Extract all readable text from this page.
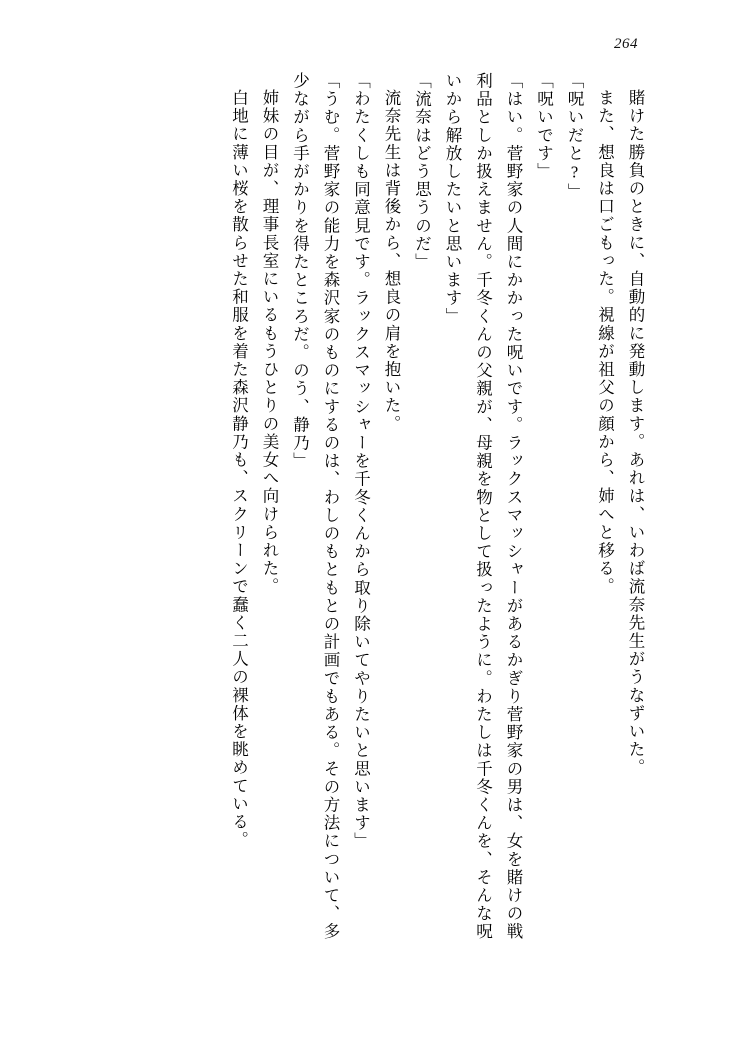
264

賭けた勝負のときに、自動的に発動します。あれは、いわば流奈先生がうなずいた。

また、想良は口ごもった。視線が祖父の顔から、姉へと移る。

「呪いだと?」

「呪いです」

「はい。菅野家の人間にかかった呪いです。ラックスマッシャーがあるかぎり菅野家の男は、女を賭けの戦利品としか扱えません。千冬くんの父親が、母親を物として扱ったように。わたしは千冬くんを、そんな呪いから解放したいと思います」

「流奈はどう思うのだ」

流奈先生は背後から、想良の肩を抱いた。

「わたくしも同意見です。ラックスマッシャーを千冬くんから取り除いてやりたいと思います」

「うむ。菅野家の能力を森沢家のものにするのは、わしのもともとの計画でもある。その方法について、多少ながら手がかりを得たところだ。のう、静乃」

姉妹の目が、理事長室にいるもうひとりの美女へ向けられた。

白地に薄い桜を散らせた和服を着た森沢静乃も、スクリーンで蠢く二人の裸体を眺めている。
